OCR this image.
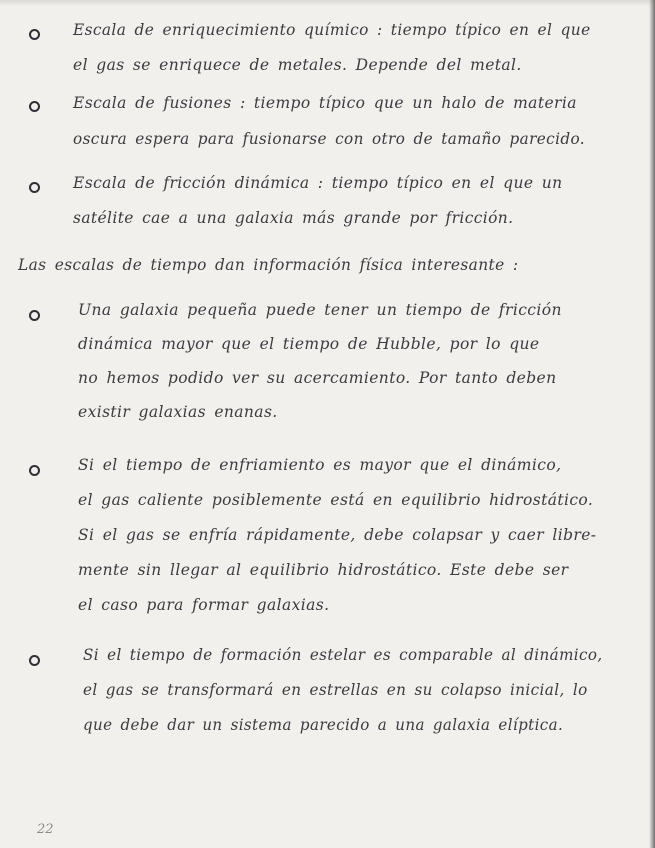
Escala de enriquecimiento químico : tiempo típico en el que
el gas se enriquece de metales. Depende del metal.
Escala de fusiones : tiempo típico que un halo de materia
oscura espera para fusionarse con otro de tamaño parecido.
Escala de fricción dinámica : tiempo típico en el que un
satélite cae a una galaxia más grande por fricción.
Las escalas de tiempo dan información física interesante :
Una galaxia pequeña puede tener un tiempo de fricción
dinámica mayor que el tiempo de Hubble, por lo que
no hemos podido ver su acercamiento. Por tanto deben
existir galaxias enanas.
Si el tiempo de enfriamiento es mayor que el dinámico,
el gas caliente posiblemente está en equilibrio hidrostático.
Si el gas se enfría rápidamente, debe colapsar y caer libre-
mente sin llegar al equilibrio hidrostático. Este debe ser
el caso para formar galaxias.
Si el tiempo de formación estelar es comparable al dinámico,
el gas se transformará en estrellas en su colapso inicial, lo
que debe dar un sistema parecido a una galaxia elíptica.
22
